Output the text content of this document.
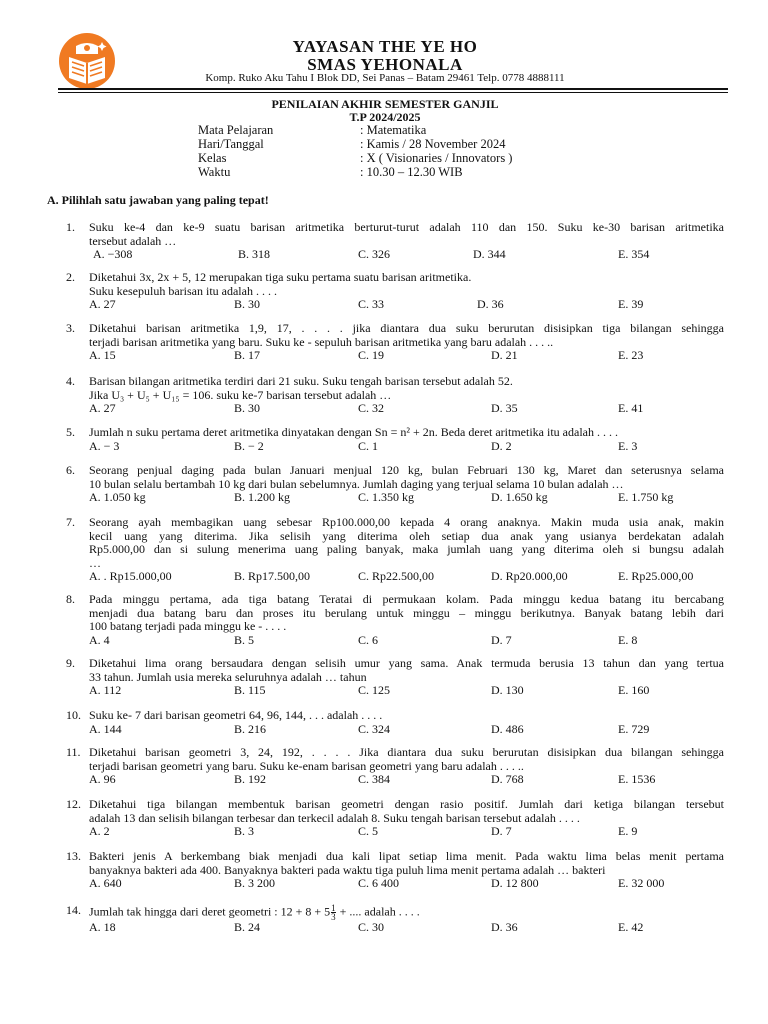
YAYASAN THE YE HO
SMAS YEHONALA
Komp. Ruko Aku Tahu I Blok DD, Sei Panas – Batam 29461 Telp. 0778 4888111
PENILAIAN AKHIR SEMESTER GANJIL
T.P 2024/2025
Mata Pelajaran	: Matematika
Hari/Tanggal	: Kamis / 28 November 2024
Kelas	: X ( Visionaries / Innovators )
Waktu	: 10.30 – 12.30 WIB
A. Pilihlah satu jawaban yang paling tepat!
1. Suku ke-4 dan ke-9 suatu barisan aritmetika berturut-turut adalah 110 dan 150. Suku ke-30 barisan aritmetika
tersebut adalah …
A. −308	B. 318	C. 326	D. 344	E. 354
2. Diketahui 3x, 2x + 5, 12 merupakan tiga suku pertama suatu barisan aritmetika.
Suku kesepuluh barisan itu adalah . . . .
A. 27	B. 30	C. 33	D. 36	E. 39
3. Diketahui barisan aritmetika 1,9, 17, . . . . jika diantara dua suku berurutan disisipkan tiga bilangan sehingga
terjadi barisan aritmetika yang baru. Suku ke - sepuluh barisan aritmetika yang baru adalah . . . ..
A. 15	B. 17	C. 19	D. 21	E. 23
4. Barisan bilangan aritmetika terdiri dari 21 suku. Suku tengah barisan tersebut adalah 52.
Jika U₃ + U₅ + U₁₅ = 106. suku ke-7 barisan tersebut adalah …
A. 27	B. 30	C. 32	D. 35	E. 41
5. Jumlah n suku pertama deret aritmetika dinyatakan dengan Sn = n² + 2n. Beda deret aritmetika itu adalah . . . .
A. − 3	B. − 2	C. 1	D. 2	E. 3
6. Seorang penjual daging pada bulan Januari menjual 120 kg, bulan Februari 130 kg, Maret dan seterusnya selama
10 bulan selalu bertambah 10 kg dari bulan sebelumnya. Jumlah daging yang terjual selama 10 bulan adalah …
A. 1.050 kg	B. 1.200 kg	C. 1.350 kg	D. 1.650 kg	E. 1.750 kg
7. Seorang ayah membagikan uang sebesar Rp100.000,00 kepada 4 orang anaknya. Makin muda usia anak, makin
kecil uang yang diterima. Jika selisih yang diterima oleh setiap dua anak yang usianya berdekatan adalah
Rp5.000,00 dan si sulung menerima uang paling banyak, maka jumlah uang yang diterima oleh si bungsu adalah
…
A. . Rp15.000,00	B. Rp17.500,00	C. Rp22.500,00	D. Rp20.000,00	E. Rp25.000,00
8. Pada minggu pertama, ada tiga batang Teratai di permukaan kolam. Pada minggu kedua batang itu bercabang
menjadi dua batang baru dan proses itu berulang untuk minggu – minggu berikutnya. Banyak batang lebih dari
100 batang terjadi pada minggu ke - . . . .
A. 4	B. 5	C. 6	D. 7	E. 8
9. Diketahui lima orang bersaudara dengan selisih umur yang sama. Anak termuda berusia 13 tahun dan yang tertua
33 tahun. Jumlah usia mereka seluruhnya adalah … tahun
A. 112	B. 115	C. 125	D. 130	E. 160
10. Suku ke- 7 dari barisan geometri 64, 96, 144, . . . adalah . . . .
A. 144	B. 216	C. 324	D. 486	E. 729
11. Diketahui barisan geometri 3, 24, 192, . . . . Jika diantara dua suku berurutan disisipkan dua bilangan sehingga
terjadi barisan geometri yang baru. Suku ke-enam barisan geometri yang baru adalah . . . ..
A. 96	B. 192	C. 384	D. 768	E. 1536
12. Diketahui tiga bilangan membentuk barisan geometri dengan rasio positif. Jumlah dari ketiga bilangan tersebut
adalah 13 dan selisih bilangan terbesar dan terkecil adalah 8. Suku tengah barisan tersebut adalah . . . .
A. 2	B. 3	C. 5	D. 7	E. 9
13. Bakteri jenis A berkembang biak menjadi dua kali lipat setiap lima menit. Pada waktu lima belas menit pertama
banyaknya bakteri ada 400. Banyaknya bakteri pada waktu tiga puluh lima menit pertama adalah … bakteri
A. 640	B. 3 200	C. 6 400	D. 12 800	E. 32 000
14. Jumlah tak hingga dari deret geometri : $12 + 8 + 5 \frac{1}{3}$ + .... adalah . . . .
A. 18	B. 24	C. 30	D. 36	E. 42
